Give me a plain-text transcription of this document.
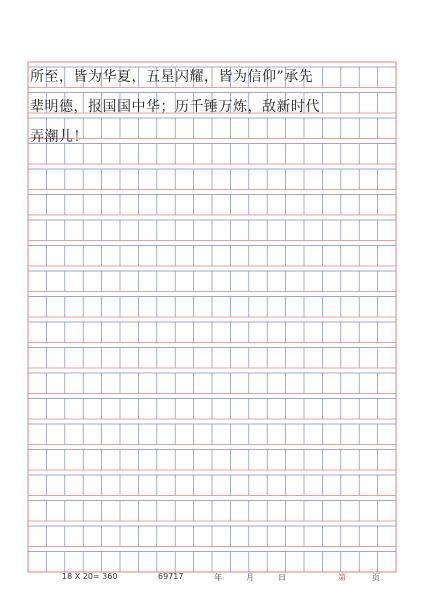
所至，皆为华夏，五星闪耀，皆为信仰”承先
辈明德，报国国中华；历千锤万炼，敌新时代
弄潮儿！
18 X 20= 360	69717	年	月	日	第	页
